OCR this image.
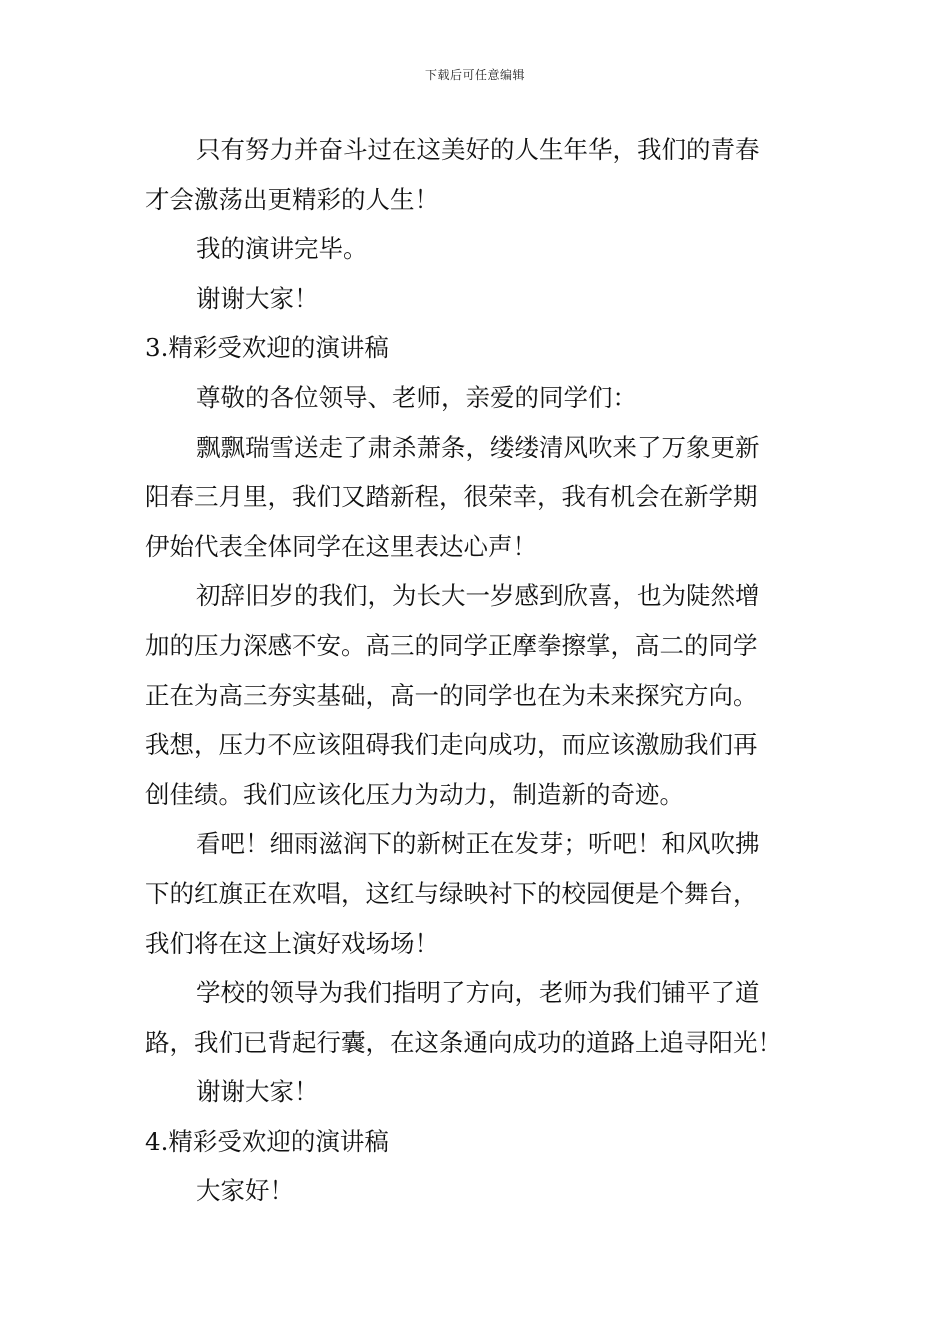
下载后可任意编辑
只有努力并奋斗过在这美好的人生年华，我们的青春
才会激荡出更精彩的人生！
我的演讲完毕。
谢谢大家！
3.精彩受欢迎的演讲稿
尊敬的各位领导、老师，亲爱的同学们：
飘飘瑞雪送走了肃杀萧条，缕缕清风吹来了万象更新
阳春三月里，我们又踏新程，很荣幸，我有机会在新学期
伊始代表全体同学在这里表达心声！
初辞旧岁的我们，为长大一岁感到欣喜，也为陡然增
加的压力深感不安。高三的同学正摩拳擦掌，高二的同学
正在为高三夯实基础，高一的同学也在为未来探究方向。
我想，压力不应该阻碍我们走向成功，而应该激励我们再
创佳绩。我们应该化压力为动力，制造新的奇迹。
看吧！细雨滋润下的新树正在发芽；听吧！和风吹拂
下的红旗正在欢唱，这红与绿映衬下的校园便是个舞台，
我们将在这上演好戏场场！
学校的领导为我们指明了方向，老师为我们铺平了道
路，我们已背起行囊，在这条通向成功的道路上追寻阳光！
谢谢大家！
4.精彩受欢迎的演讲稿
大家好！
